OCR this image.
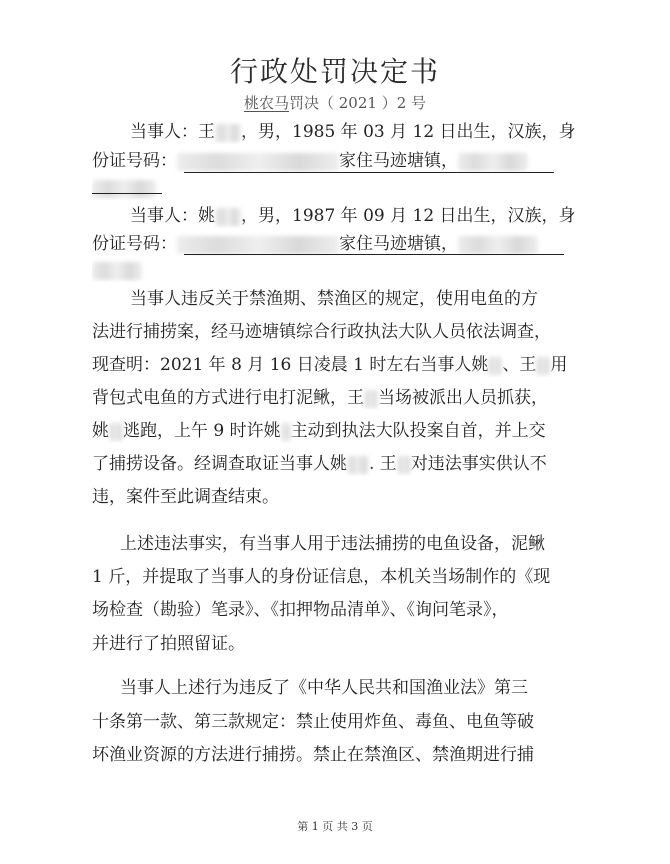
行政处罚决定书
桃农马罚决（ 2021 ）2 号
当事人：王 ，男，1985 年 03 月 12 日出生，汉族，身
份证号码：	家住马迹塘镇，
当事人：姚 ，男，1987 年 09 月 12 日出生，汉族，身
份证号码：	家住马迹塘镇，
当事人违反关于禁渔期、禁渔区的规定，使用电鱼的方
法进行捕捞案，经马迹塘镇综合行政执法大队人员依法调查，
现查明：2021 年 8 月 16 日凌晨 1 时左右当事人姚 、王 用
背包式电鱼的方式进行电打泥鳅，王 当场被派出人员抓获，
姚 逃跑，上午 9 时许姚 主动到执法大队投案自首，并上交
了捕捞设备。经调查取证当事人姚 . 王 对违法事实供认不
违，案件至此调查结束。
上述违法事实，有当事人用于违法捕捞的电鱼设备，泥鳅
1 斤，并提取了当事人的身份证信息，本机关当场制作的《现
场检查（勘验）笔录》、《扣押物品清单》、《询问笔录》，
并进行了拍照留证。
当事人上述行为违反了《中华人民共和国渔业法》第三
十条第一款、第三款规定：禁止使用炸鱼、毒鱼、电鱼等破
坏渔业资源的方法进行捕捞。禁止在禁渔区、禁渔期进行捕
第 1 页 共 3 页
